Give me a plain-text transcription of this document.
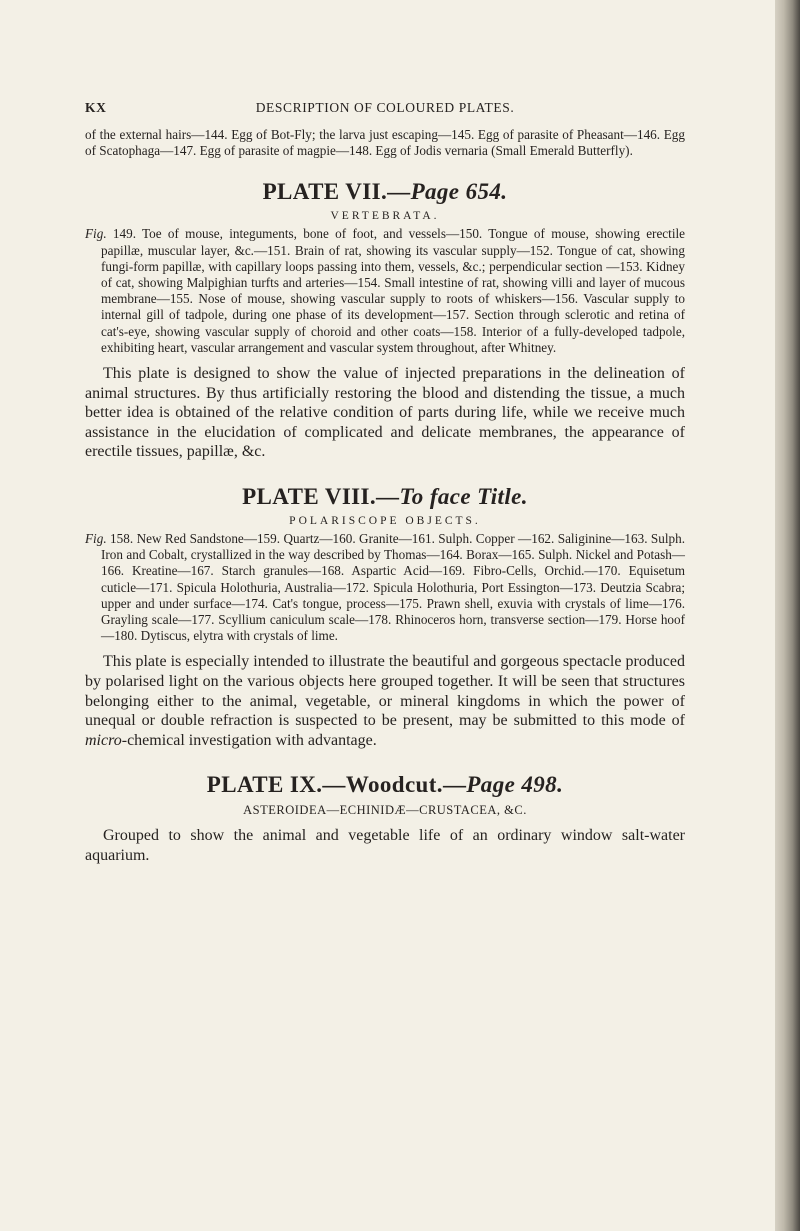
KX	DESCRIPTION OF COLOURED PLATES.

of the external hairs—144. Egg of Bot-Fly; the larva just escaping—145. Egg of parasite of Pheasant—146. Egg of Scatophaga—147. Egg of parasite of magpie—148. Egg of Jodis vernaria (Small Emerald Butterfly).

PLATE VII.—Page 654.
VERTEBRATA.

Fig. 149. Toe of mouse, integuments, bone of foot, and vessels—150. Tongue of mouse, showing erectile papillæ, muscular layer, &c.—151. Brain of rat, showing its vascular supply—152. Tongue of cat, showing fungi-form papillæ, with capillary loops passing into them, vessels, &c.; perpendicular section —153. Kidney of cat, showing Malpighian turfts and arteries—154. Small intestine of rat, showing villi and layer of mucous membrane—155. Nose of mouse, showing vascular supply to roots of whiskers—156. Vascular supply to internal gill of tadpole, during one phase of its development—157. Section through sclerotic and retina of cat's-eye, showing vascular supply of choroid and other coats—158. Interior of a fully-developed tadpole, exhibiting heart, vascular arrangement and vascular system throughout, after Whitney.

This plate is designed to show the value of injected preparations in the delineation of animal structures. By thus artificially restoring the blood and distending the tissue, a much better idea is obtained of the relative condition of parts during life, while we receive much assistance in the elucidation of complicated and delicate membranes, the appearance of erectile tissues, papillæ, &c.

PLATE VIII.—To face Title.
POLARISCOPE OBJECTS.

Fig. 158. New Red Sandstone—159. Quartz—160. Granite—161. Sulph. Copper —162. Saliginine—163. Sulph. Iron and Cobalt, crystallized in the way described by Thomas—164. Borax—165. Sulph. Nickel and Potash—166. Kreatine—167. Starch granules—168. Aspartic Acid—169. Fibro-Cells, Orchid.—170. Equisetum cuticle—171. Spicula Holothuria, Australia—172. Spicula Holothuria, Port Essington—173. Deutzia Scabra; upper and under surface—174. Cat's tongue, process—175. Prawn shell, exuvia with crystals of lime—176. Grayling scale—177. Scyllium caniculum scale—178. Rhinoceros horn, transverse section—179. Horse hoof—180. Dytiscus, elytra with crystals of lime.

This plate is especially intended to illustrate the beautiful and gorgeous spectacle produced by polarised light on the various objects here grouped together. It will be seen that structures belonging either to the animal, vegetable, or mineral kingdoms in which the power of unequal or double refraction is suspected to be present, may be submitted to this mode of micro-chemical investigation with advantage.

PLATE IX.—Woodcut.—Page 498.
ASTEROIDEA—ECHINIDÆ—CRUSTACEA, &C.

Grouped to show the animal and vegetable life of an ordinary window salt-water aquarium.
